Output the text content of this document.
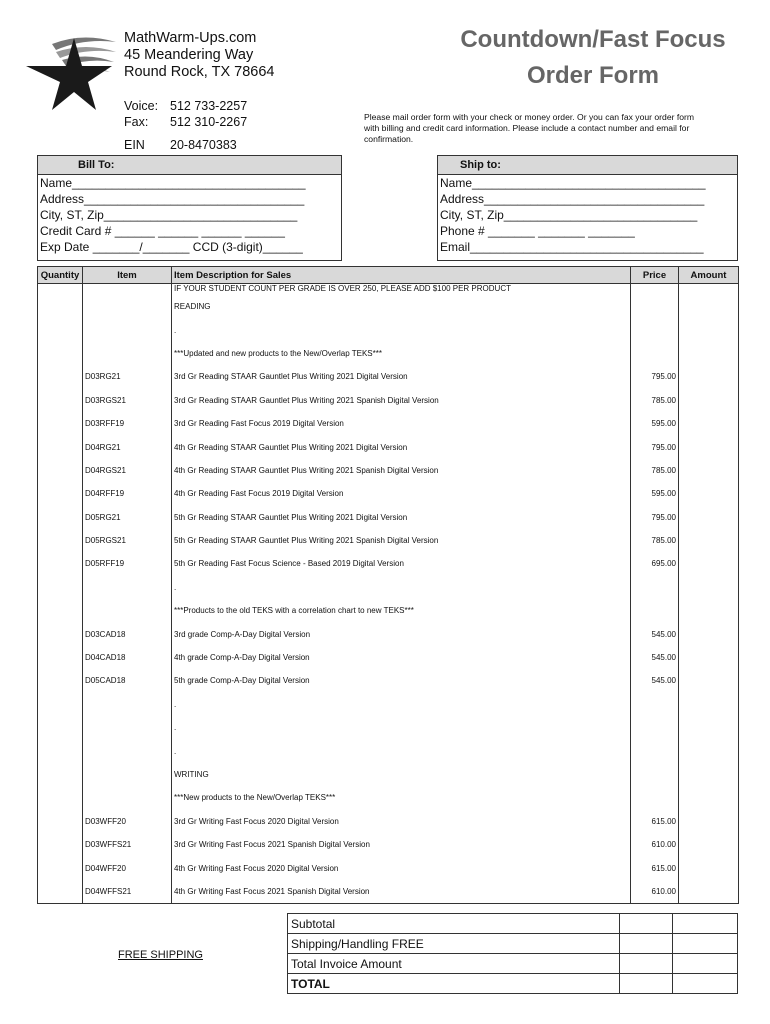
MathWarm-Ups.com
45 Meandering Way
Round Rock, TX 78664
Voice: 512 733-2257
Fax: 512 310-2267
EIN 20-8470383
Countdown/Fast Focus
Order Form
Please mail order form with your check or money order. Or you can fax your order form
with billing and credit card information. Please include a contact number and email for
confirmation.
Bill To:
Name___________________________________
Address_________________________________
City, ST, Zip_____________________________
Credit Card # ______ ______ ______ ______
Exp Date _______/_______ CCD (3-digit)______
Ship to:
Name___________________________________
Address_________________________________
City, ST, Zip_____________________________
Phone # _______ _______ _______
Email___________________________________
Quantity	Item	Item Description for Sales	Price	Amount
		IF YOUR STUDENT COUNT PER GRADE IS OVER 250, PLEASE ADD $100 PER PRODUCT		
		READING		
		.		
		***Updated and new products to the New/Overlap TEKS***		
	D03RG21	3rd Gr Reading STAAR Gauntlet Plus Writing 2021 Digital Version	795.00	
	D03RGS21	3rd Gr Reading STAAR Gauntlet Plus Writing 2021 Spanish Digital Version	785.00	
	D03RFF19	3rd Gr Reading Fast Focus 2019 Digital Version	595.00	
	D04RG21	4th Gr Reading STAAR Gauntlet Plus Writing 2021 Digital Version	795.00	
	D04RGS21	4th Gr Reading STAAR Gauntlet Plus Writing 2021 Spanish Digital Version	785.00	
	D04RFF19	4th Gr Reading Fast Focus 2019 Digital Version	595.00	
	D05RG21	5th Gr Reading STAAR Gauntlet Plus Writing 2021 Digital Version	795.00	
	D05RGS21	5th Gr Reading STAAR Gauntlet Plus Writing 2021 Spanish Digital Version	785.00	
	D05RFF19	5th Gr Reading Fast Focus Science - Based 2019 Digital Version	695.00	
		.		
		***Products to the old TEKS with a correlation chart to new TEKS***		
	D03CAD18	3rd grade Comp-A-Day Digital Version	545.00	
	D04CAD18	4th grade Comp-A-Day Digital Version	545.00	
	D05CAD18	5th grade Comp-A-Day Digital Version	545.00	
		.		
		.		
		.		
		WRITING		
		***New products to the New/Overlap TEKS***		
	D03WFF20	3rd Gr Writing Fast Focus 2020 Digital Version	615.00	
	D03WFFS21	3rd Gr Writing Fast Focus 2021 Spanish Digital Version	610.00	
	D04WFF20	4th Gr Writing Fast Focus 2020 Digital Version	615.00	
	D04WFFS21	4th Gr Writing Fast Focus 2021 Spanish Digital Version	610.00	
Subtotal		
Shipping/Handling FREE		
Total Invoice Amount		
TOTAL		
FREE SHIPPING
